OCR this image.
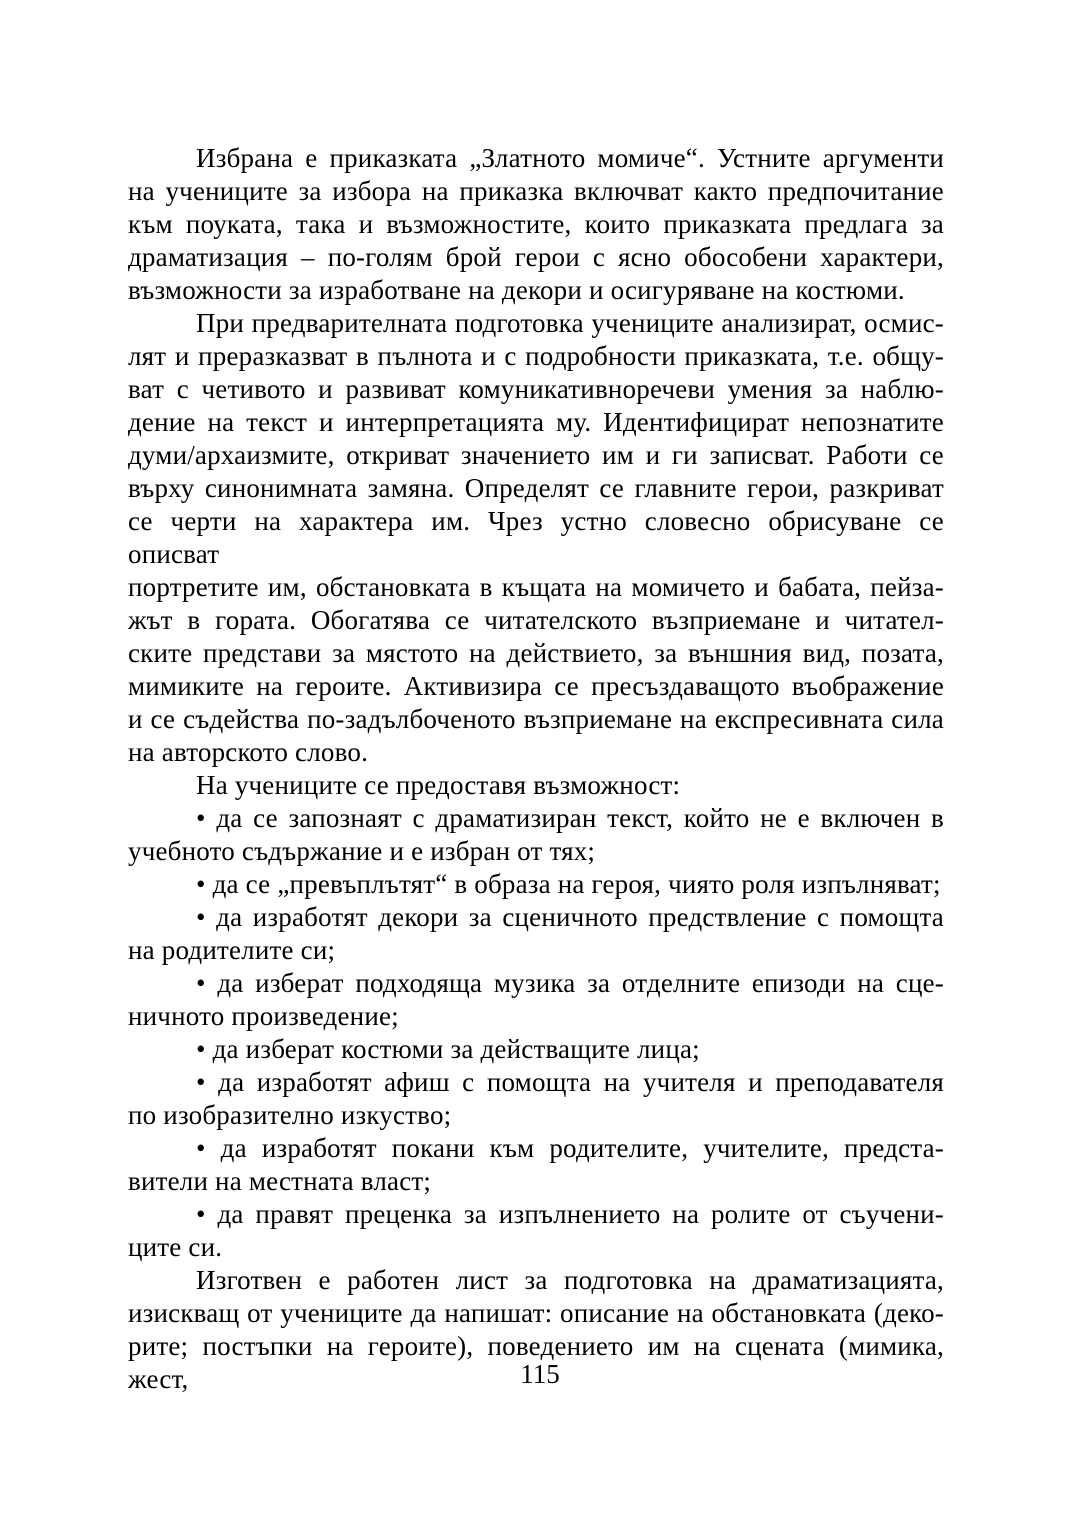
Избрана е приказката „Златното момиче“. Устните аргументи
на учениците за избора на приказка включват както предпочитание
към поуката, така и възможностите, които приказката предлага за
драматизация – по-голям брой герои с ясно обособени характери,
възможности за изработване на декори и осигуряване на костюми.
При предварителната подготовка учениците анализират, осмис-
лят и преразказват в пълнота и с подробности приказката, т.е. общу-
ват с четивото и развиват комуникативноречеви умения за наблю-
дение на текст и интерпретацията му. Идентифицират непознатите
думи/архаизмите, откриват значението им и ги записват. Работи се
върху синонимната замяна. Определят се главните герои, разкриват
се черти на характера им. Чрез устно словесно обрисуване се описват
портретите им, обстановката в къщата на момичето и бабата, пейза-
жът в гората. Обогатява се читателското възприемане и читател-
ските представи за мястото на действието, за външния вид, позата,
мимиките на героите. Активизира се пресъздаващото въображение
и се съдейства по-задълбоченото възприемане на експресивната сила
на авторското слово.
На учениците се предоставя възможност:
• да се запознаят с драматизиран текст, който не е включен в
учебното съдържание и е избран от тях;
• да се „превъплътят“ в образа на героя, чиято роля изпълняват;
• да изработят декори за сценичното предствление с помощта
на родителите си;
• да изберат подходяща музика за отделните епизоди на сце-
ничното произведение;
• да изберат костюми за действащите лица;
• да изработят афиш с помощта на учителя и преподавателя
по изобразително изкуство;
• да изработят покани към родителите, учителите, предста-
вители на местната власт;
• да правят преценка за изпълнението на ролите от съучени-
ците си.
Изготвен е работен лист за подготовка на драматизацията,
изискващ от учениците да напишат: описание на обстановката (деко-
рите; постъпки на героите), поведението им на сцената (мимика, жест,	115
